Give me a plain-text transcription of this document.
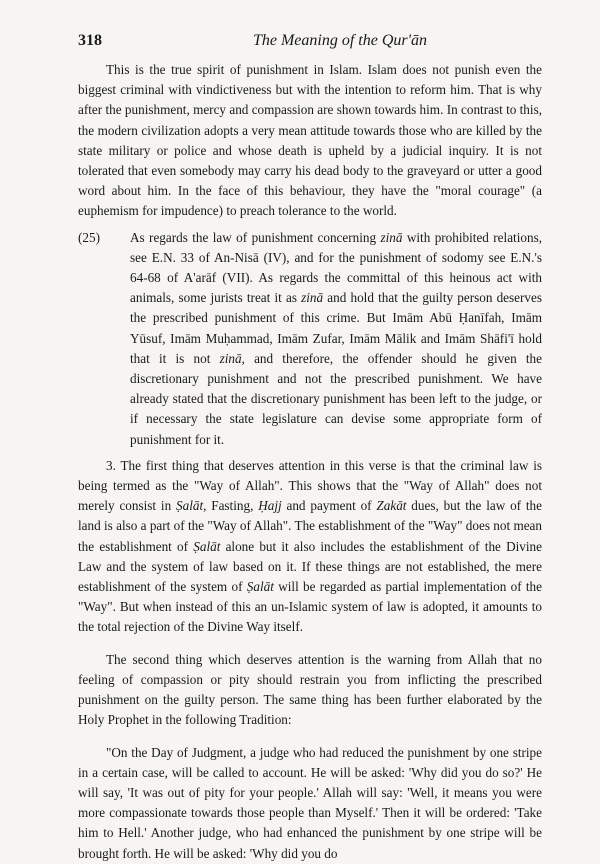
318	The Meaning of the Qur'ān

This is the true spirit of punishment in Islam. Islam does not punish even the biggest criminal with vindictiveness but with the intention to reform him. That is why after the punishment, mercy and compassion are shown towards him. In contrast to this, the modern civilization adopts a very mean attitude towards those who are killed by the state military or police and whose death is upheld by a judicial inquiry. It is not tolerated that even somebody may carry his dead body to the graveyard or utter a good word about him. In the face of this behaviour, they have the "moral courage" (a euphemism for impudence) to preach tolerance to the world.

(25)	As regards the law of punishment concerning zinā with prohibited relations, see E.N. 33 of An-Nisā (IV), and for the punishment of sodomy see E.N.'s 64-68 of A'arāf (VII). As regards the committal of this heinous act with animals, some jurists treat it as zinā and hold that the guilty person deserves the prescribed punishment of this crime. But Imām Abū Ḥanīfah, Imām Yūsuf, Imām Muḥammad, Imām Zufar, Imām Mālik and Imām Shāfi'ī hold that it is not zinā, and therefore, the offender should he given the discretionary punishment and not the prescribed punishment. We have already stated that the discretionary punishment has been left to the judge, or if necessary the state legislature can devise some appropriate form of punishment for it.

3. The first thing that deserves attention in this verse is that the criminal law is being termed as the "Way of Allah". This shows that the "Way of Allah" does not merely consist in Ṣalāt, Fasting, Ḥajj and payment of Zakāt dues, but the law of the land is also a part of the "Way of Allah". The establishment of the "Way" does not mean the establishment of Ṣalāt alone but it also includes the establishment of the Divine Law and the system of law based on it. If these things are not established, the mere establishment of the system of Ṣalāt will be regarded as partial implementation of the "Way". But when instead of this an un-Islamic system of law is adopted, it amounts to the total rejection of the Divine Way itself.

The second thing which deserves attention is the warning from Allah that no feeling of compassion or pity should restrain you from inflicting the prescribed punishment on the guilty person. The same thing has been further elaborated by the Holy Prophet in the following Tradition:

"On the Day of Judgment, a judge who had reduced the punishment by one stripe in a certain case, will be called to account. He will be asked: 'Why did you do so?' He will say, 'It was out of pity for your people.' Allah will say: 'Well, it means you were more compassionate towards those people than Myself.' Then it will be ordered: 'Take him to Hell.' Another judge, who had enhanced the punishment by one stripe will be brought forth. He will be asked: 'Why did you do
